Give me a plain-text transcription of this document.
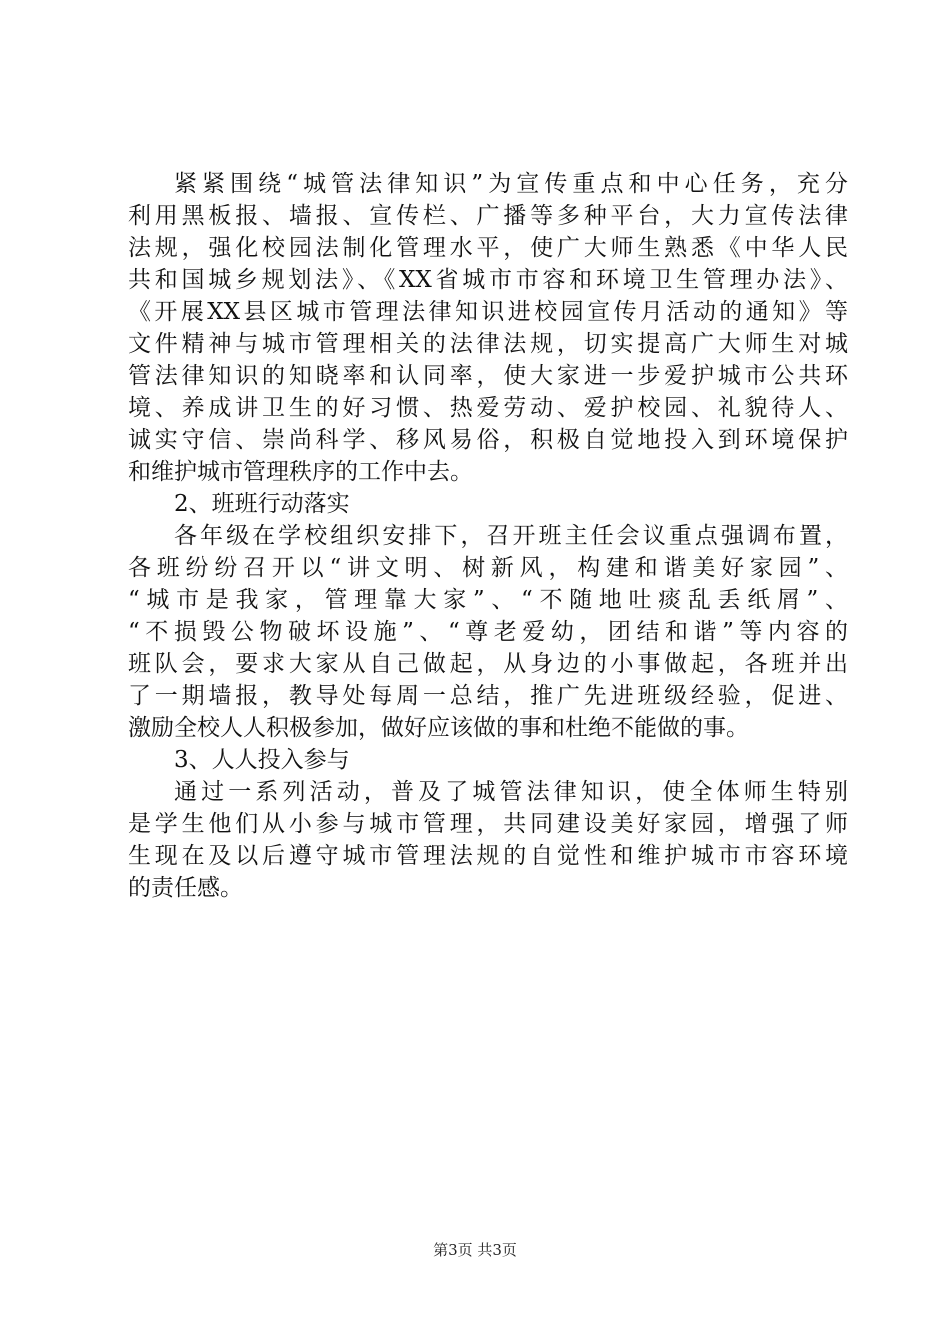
紧紧围绕“城管法律知识”为宣传重点和中心任务，充分
利用黑板报、墙报、宣传栏、广播等多种平台，大力宣传法律
法规，强化校园法制化管理水平，使广大师生熟悉《中华人民
共和国城乡规划法》、《XX省城市市容和环境卫生管理办法》、
《开展XX县区城市管理法律知识进校园宣传月活动的通知》等
文件精神与城市管理相关的法律法规，切实提高广大师生对城
管法律知识的知晓率和认同率，使大家进一步爱护城市公共环
境、养成讲卫生的好习惯、热爱劳动、爱护校园、礼貌待人、
诚实守信、崇尚科学、移风易俗，积极自觉地投入到环境保护
和维护城市管理秩序的工作中去。
2、班班行动落实
各年级在学校组织安排下，召开班主任会议重点强调布置，
各班纷纷召开以“讲文明、树新风，构建和谐美好家园”、
“城市是我家，管理靠大家”、“不随地吐痰乱丢纸屑”、
“不损毁公物破坏设施”、“尊老爱幼，团结和谐”等内容的
班队会，要求大家从自己做起，从身边的小事做起，各班并出
了一期墙报，教导处每周一总结，推广先进班级经验，促进、
激励全校人人积极参加，做好应该做的事和杜绝不能做的事。
3、人人投入参与
通过一系列活动，普及了城管法律知识，使全体师生特别
是学生他们从小参与城市管理，共同建设美好家园，增强了师
生现在及以后遵守城市管理法规的自觉性和维护城市市容环境
的责任感。
第3页 共3页
